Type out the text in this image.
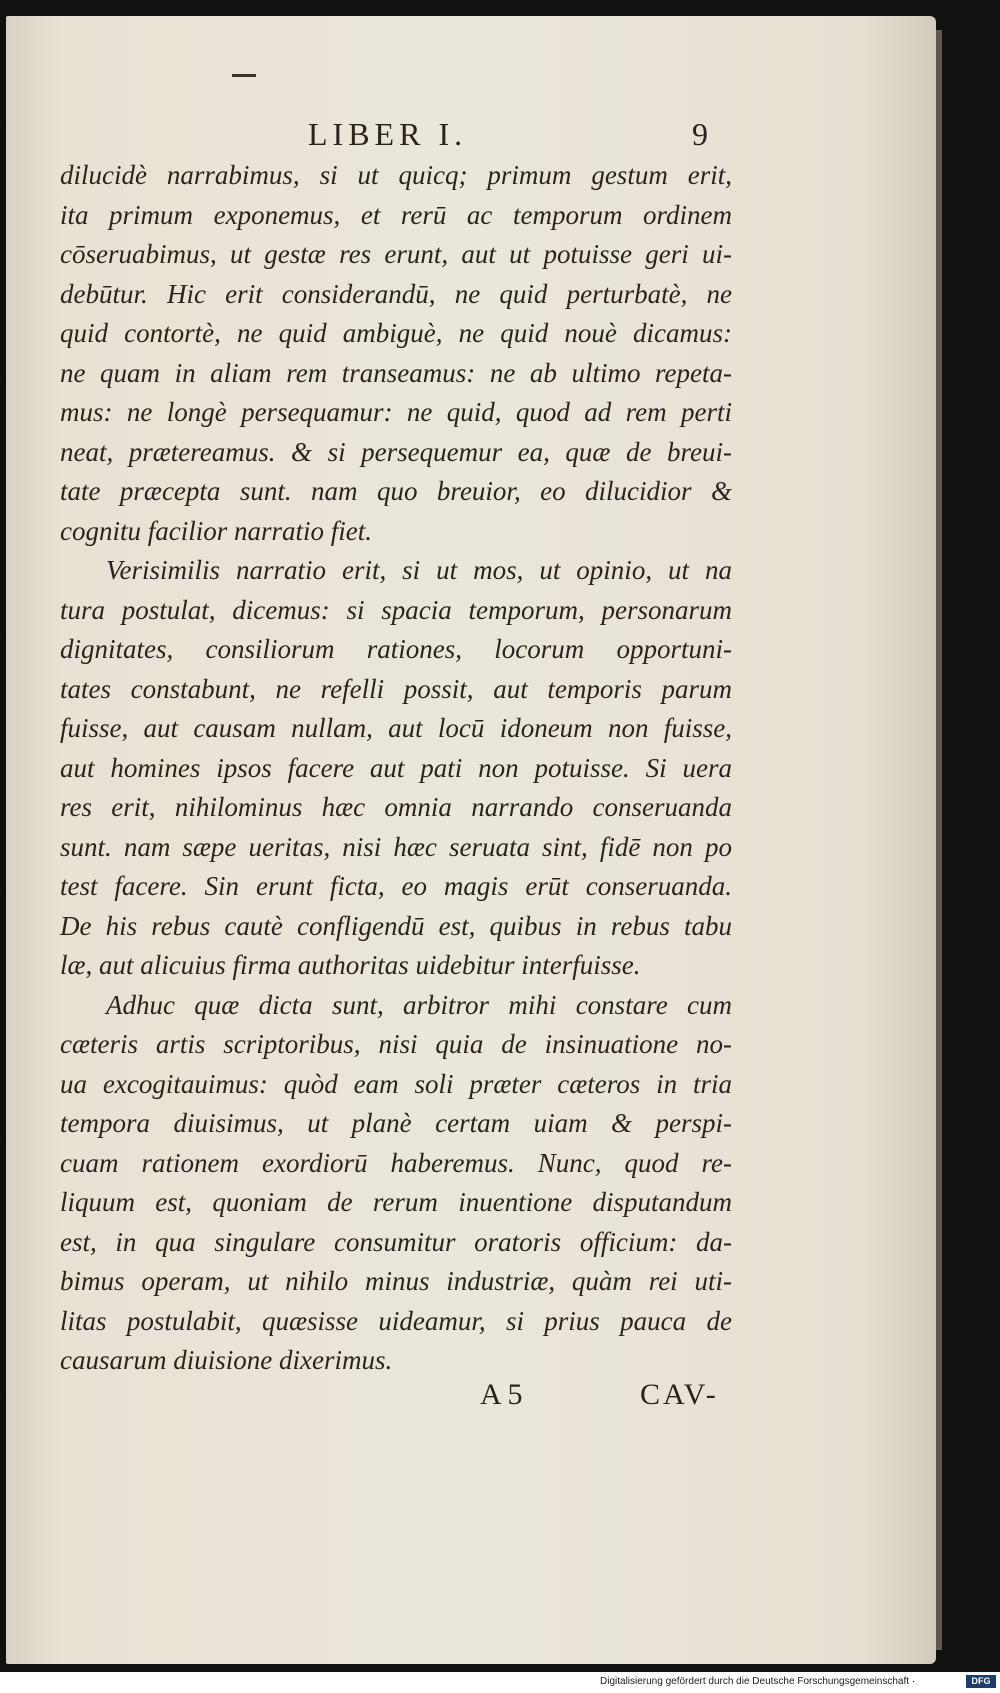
LIBER I.	9
dilucidè narrabimus, si ut quicq; primum gestum erit,
ita primum exponemus, et rerū ac temporum ordinem
cōseruabimus, ut gestæ res erunt, aut ut potuisse geri ui-
debūtur. Hic erit considerandū, ne quid perturbatè, ne
quid contortè, ne quid ambiguè, ne quid nouè dicamus:
ne quam in aliam rem transeamus: ne ab ultimo repeta-
mus: ne longè persequamur: ne quid, quod ad rem perti
neat, prætereamus. & si persequemur ea, quæ de breui-
tate præcepta sunt. nam quo breuior, eo dilucidior &
cognitu facilior narratio fiet.
Verisimilis narratio erit, si ut mos, ut opinio, ut na
tura postulat, dicemus: si spacia temporum, personarum
dignitates, consiliorum rationes, locorum opportuni-
tates constabunt, ne refelli possit, aut temporis parum
fuisse, aut causam nullam, aut locū idoneum non fuisse,
aut homines ipsos facere aut pati non potuisse. Si uera
res erit, nihilominus hæc omnia narrando conseruanda
sunt. nam sæpe ueritas, nisi hæc seruata sint, fidē non po
test facere. Sin erunt ficta, eo magis erūt conseruanda.
De his rebus cautè confligendū est, quibus in rebus tabu
læ, aut alicuius firma authoritas uidebitur interfuisse.
Adhuc quæ dicta sunt, arbitror mihi constare cum
cæteris artis scriptoribus, nisi quia de insinuatione no-
ua excogitauimus: quòd eam soli præter cæteros in tria
tempora diuisimus, ut planè certam uiam & perspi-
cuam rationem exordiorū haberemus. Nunc, quod re-
liquum est, quoniam de rerum inuentione disputandum
est, in qua singulare consumitur oratoris officium: da-
bimus operam, ut nihilo minus industriæ, quàm rei uti-
litas postulabit, quæsisse uideamur, si prius pauca de
causarum diuisione dixerimus.
A 5	CAV-
Digitalisierung gefördert durch die Deutsche Forschungsgemeinschaft ·	DFG
